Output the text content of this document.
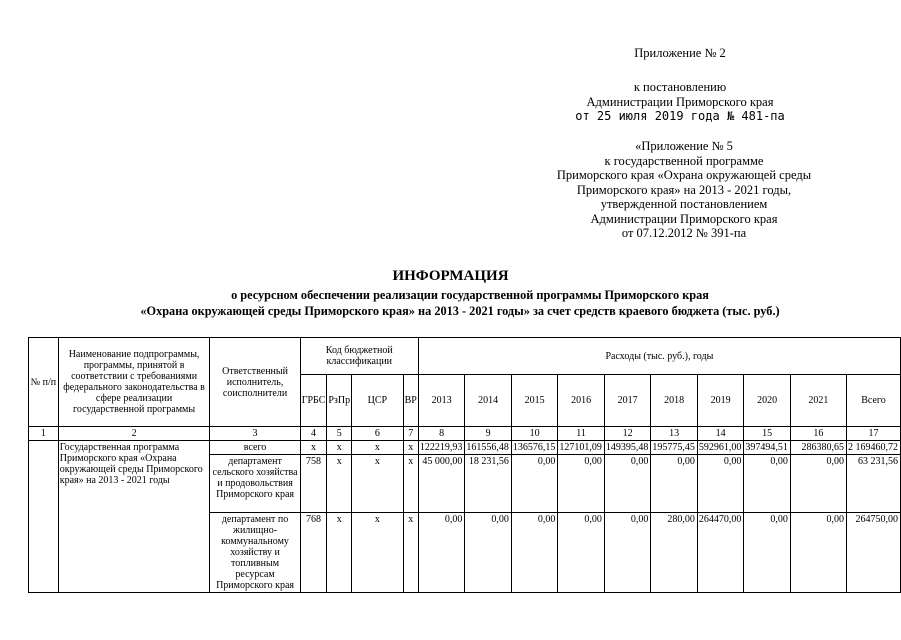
Приложение № 2
к постановлению
Администрации Приморского края
от 25 июля 2019 года № 481-па
«Приложение № 5
к государственной программе
Приморского края «Охрана окружающей среды
Приморского края» на 2013 - 2021 годы,
утвержденной постановлением
Администрации Приморского края
от 07.12.2012 № 391-па
ИНФОРМАЦИЯ
о ресурсном обеспечении реализации государственной программы Приморского края
«Охрана окружающей среды Приморского края» на 2013 - 2021 годы» за счет средств краевого бюджета (тыс. руб.)
№ п/п	Наименование подпрограммы, программы, принятой в соответствии с требованиями федерального законодательства в сфере реализации государственной программы	Ответственный исполнитель, соисполнители	Код бюджетной классификации				Расходы (тыс. руб.), годы									
			ГРБС	РзПр	ЦСР	ВР	2013	2014	2015	2016	2017	2018	2019	2020	2021	Всего
1	2	3	4	5	6	7	8	9	10	11	12	13	14	15	16	17
	Государственная программа Приморского края «Охрана окружающей среды Приморского края» на 2013 - 2021 годы	всего	х	х	х	х	122219,93	161556,48	136576,15	127101,09	149395,48	195775,45	592961,00	397494,51	286380,65	2 169460,72
		департамент сельского хозяйства и продовольствия Приморского края	758	х	х	х	45 000,00	18 231,56	0,00	0,00	0,00	0,00	0,00	0,00	0,00	63 231,56
		департамент по жилищно-коммунальному хозяйству и топливным ресурсам Приморского края	768	х	х	х	0,00	0,00	0,00	0,00	0,00	280,00	264470,00	0,00	0,00	264750,00
